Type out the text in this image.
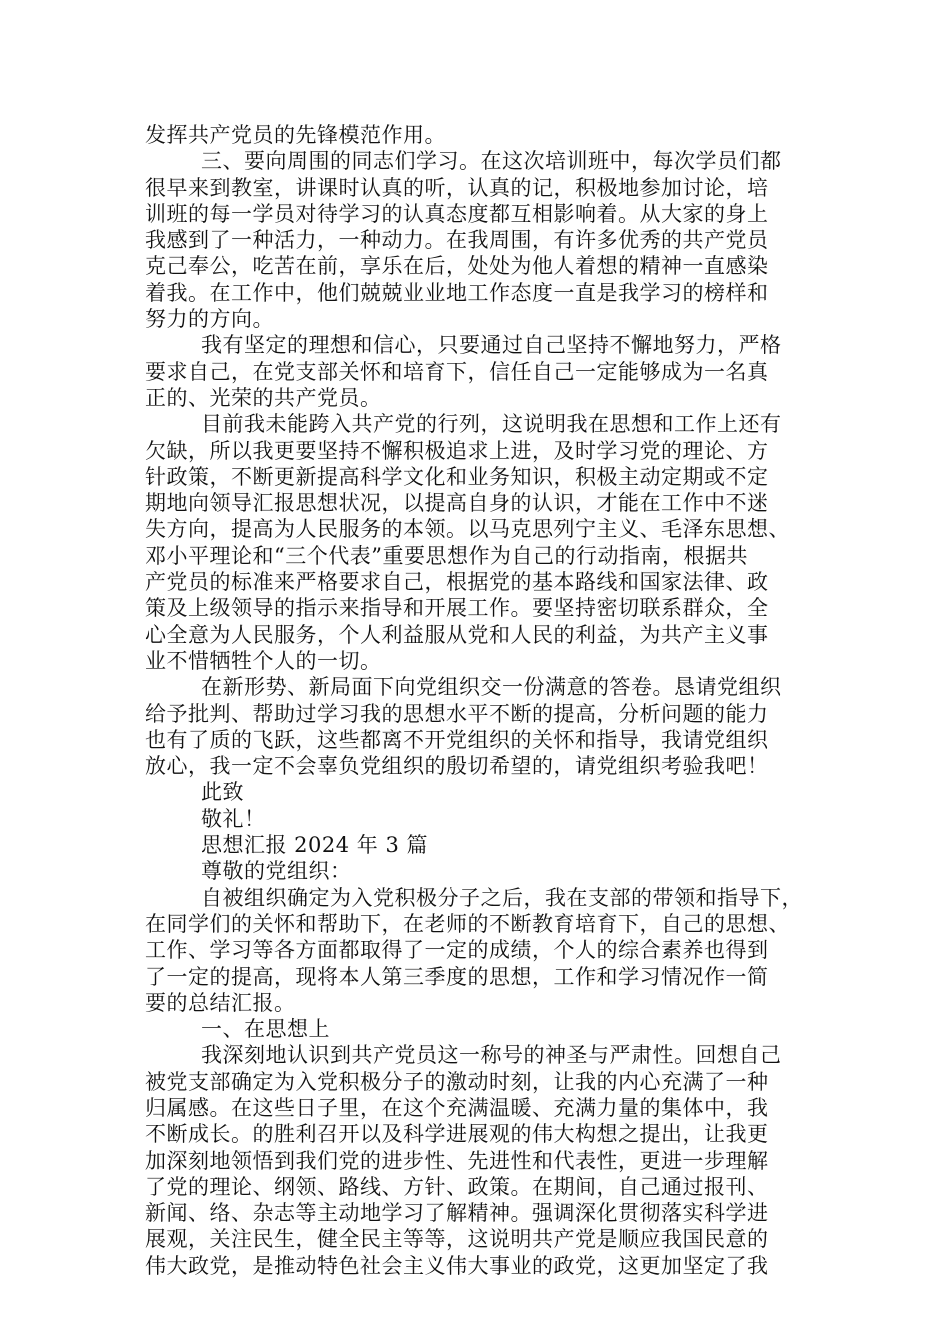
发挥共产党员的先锋模范作用。
三、要向周围的同志们学习。在这次培训班中，每次学员们都
很早来到教室，讲课时认真的听，认真的记，积极地参加讨论，培
训班的每一学员对待学习的认真态度都互相影响着。从大家的身上
我感到了一种活力，一种动力。在我周围，有许多优秀的共产党员
克己奉公，吃苦在前，享乐在后，处处为他人着想的精神一直感染
着我。在工作中，他们兢兢业业地工作态度一直是我学习的榜样和
努力的方向。
我有坚定的理想和信心，只要通过自己坚持不懈地努力，严格
要求自己，在党支部关怀和培育下，信任自己一定能够成为一名真
正的、光荣的共产党员。
目前我未能跨入共产党的行列，这说明我在思想和工作上还有
欠缺，所以我更要坚持不懈积极追求上进，及时学习党的理论、方
针政策，不断更新提高科学文化和业务知识，积极主动定期或不定
期地向领导汇报思想状况，以提高自身的认识，才能在工作中不迷
失方向，提高为人民服务的本领。以马克思列宁主义、毛泽东思想、
邓小平理论和“三个代表”重要思想作为自己的行动指南，根据共
产党员的标准来严格要求自己，根据党的基本路线和国家法律、政
策及上级领导的指示来指导和开展工作。要坚持密切联系群众，全
心全意为人民服务，个人利益服从党和人民的利益，为共产主义事
业不惜牺牲个人的一切。
在新形势、新局面下向党组织交一份满意的答卷。恳请党组织
给予批判、帮助过学习我的思想水平不断的提高，分析问题的能力
也有了质的飞跃，这些都离不开党组织的关怀和指导，我请党组织
放心，我一定不会辜负党组织的殷切希望的，请党组织考验我吧！
此致
敬礼！
思想汇报 2024 年 3 篇
尊敬的党组织：
自被组织确定为入党积极分子之后，我在支部的带领和指导下，
在同学们的关怀和帮助下，在老师的不断教育培育下，自己的思想、
工作、学习等各方面都取得了一定的成绩，个人的综合素养也得到
了一定的提高，现将本人第三季度的思想，工作和学习情况作一简
要的总结汇报。
一、在思想上
我深刻地认识到共产党员这一称号的神圣与严肃性。回想自己
被党支部确定为入党积极分子的激动时刻，让我的内心充满了一种
归属感。在这些日子里，在这个充满温暖、充满力量的集体中，我
不断成长。的胜利召开以及科学进展观的伟大构想之提出，让我更
加深刻地领悟到我们党的进步性、先进性和代表性，更进一步理解
了党的理论、纲领、路线、方针、政策。在期间，自己通过报刊、
新闻、络、杂志等主动地学习了解精神。强调深化贯彻落实科学进
展观，关注民生，健全民主等等，这说明共产党是顺应我国民意的
伟大政党，是推动特色社会主义伟大事业的政党，这更加坚定了我
